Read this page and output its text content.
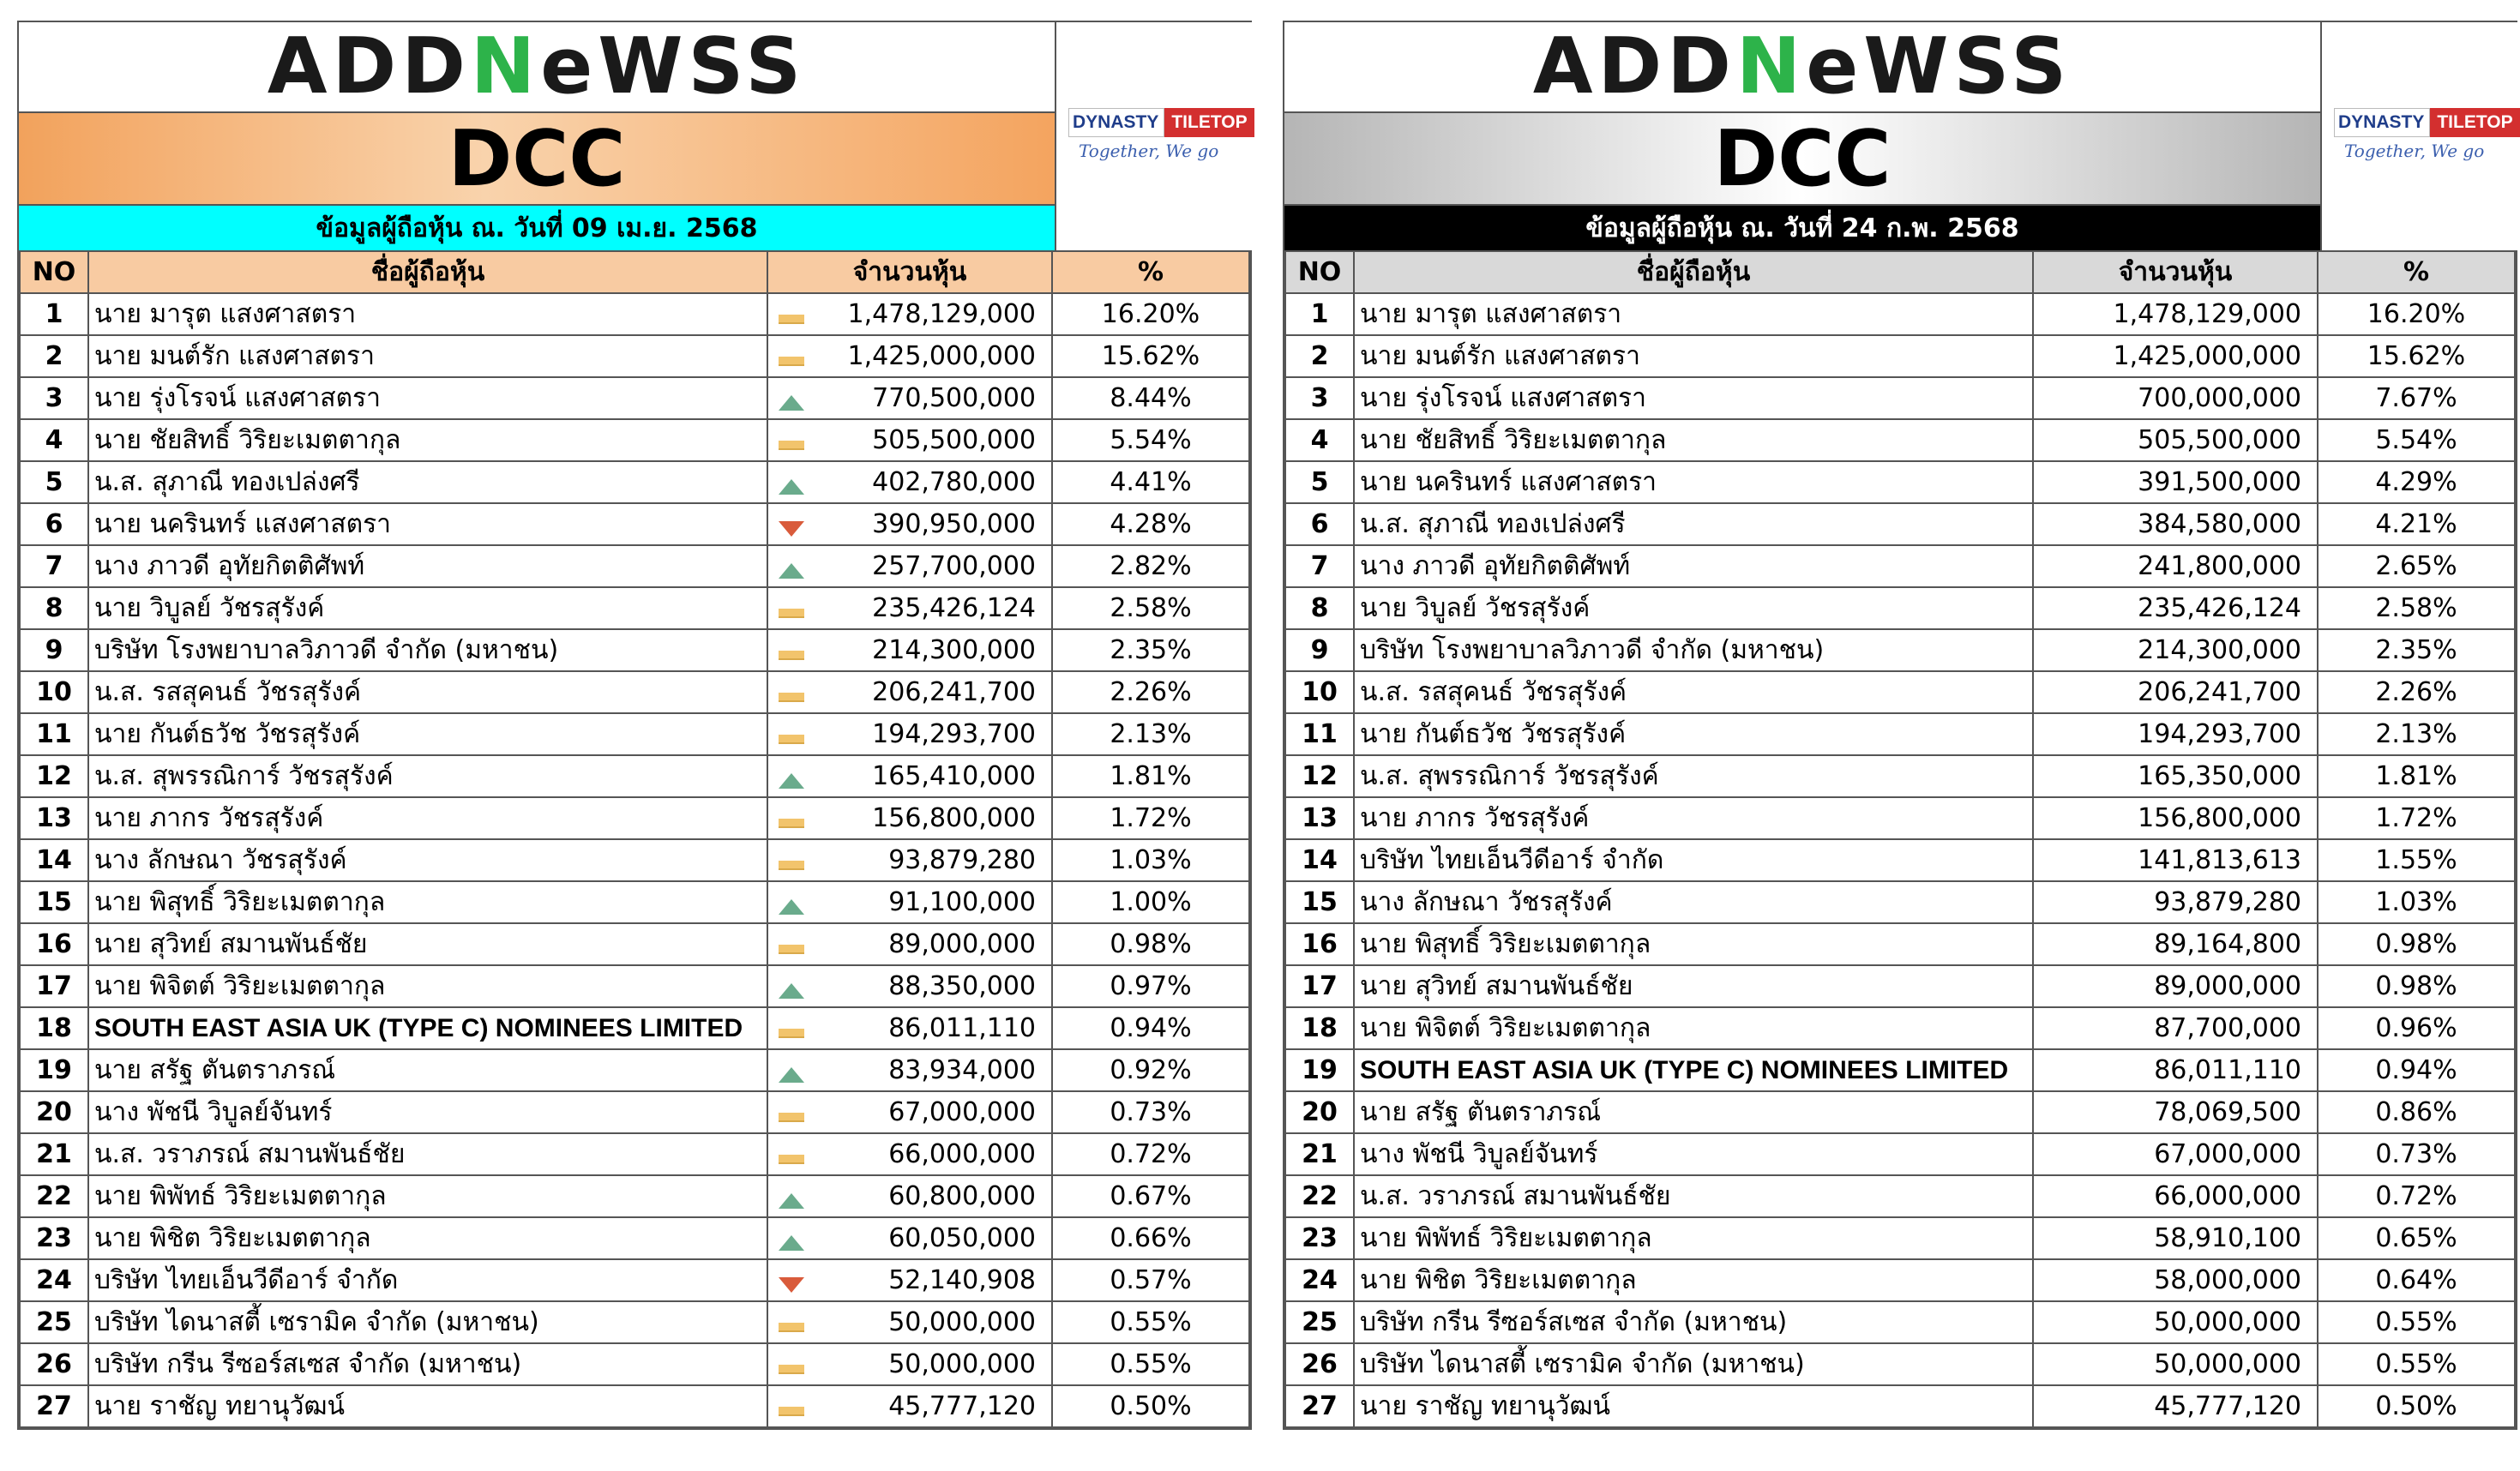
ADDNeWSS
DCC
ข้อมูลผู้ถือหุ้น ณ. วันที่ 09 เม.ย. 2568
DYNASTY TILETOP
Together, We go
NO	ชื่อผู้ถือหุ้น	จำนวนหุ้น	%
1	นาย มารุต แสงศาสตรา	1,478,129,000	16.20%
2	นาย มนต์รัก แสงศาสตรา	1,425,000,000	15.62%
3	นาย รุ่งโรจน์ แสงศาสตรา	770,500,000	8.44%
4	นาย ชัยสิทธิ์ วิริยะเมตตากุล	505,500,000	5.54%
5	น.ส. สุภาณี ทองเปล่งศรี	402,780,000	4.41%
6	นาย นครินทร์ แสงศาสตรา	390,950,000	4.28%
7	นาง ภาวดี อุทัยกิตติศัพท์	257,700,000	2.82%
8	นาย วิบูลย์ วัชรสุรังค์	235,426,124	2.58%
9	บริษัท โรงพยาบาลวิภาวดี จำกัด (มหาชน)	214,300,000	2.35%
10	น.ส. รสสุคนธ์ วัชรสุรังค์	206,241,700	2.26%
11	นาย กันต์ธวัช วัชรสุรังค์	194,293,700	2.13%
12	น.ส. สุพรรณิการ์ วัชรสุรังค์	165,410,000	1.81%
13	นาย ภากร วัชรสุรังค์	156,800,000	1.72%
14	นาง ลักษณา วัชรสุรังค์	93,879,280	1.03%
15	นาย พิสุทธิ์ วิริยะเมตตากุล	91,100,000	1.00%
16	นาย สุวิทย์ สมานพันธ์ชัย	89,000,000	0.98%
17	นาย พิจิตต์ วิริยะเมตตากุล	88,350,000	0.97%
18	SOUTH EAST ASIA UK (TYPE C) NOMINEES LIMITED	86,011,110	0.94%
19	นาย สรัฐ ตันตราภรณ์	83,934,000	0.92%
20	นาง พัชนี วิบูลย์จันทร์	67,000,000	0.73%
21	น.ส. วราภรณ์ สมานพันธ์ชัย	66,000,000	0.72%
22	นาย พิพัทธ์ วิริยะเมตตากุล	60,800,000	0.67%
23	นาย พิชิต วิริยะเมตตากุล	60,050,000	0.66%
24	บริษัท ไทยเอ็นวีดีอาร์ จำกัด	52,140,908	0.57%
25	บริษัท ไดนาสตี้ เซรามิค จำกัด (มหาชน)	50,000,000	0.55%
26	บริษัท กรีน รีซอร์สเซส จำกัด (มหาชน)	50,000,000	0.55%
27	นาย ราชัญ ทยานุวัฒน์	45,777,120	0.50%
ADDNeWSS
DCC
ข้อมูลผู้ถือหุ้น ณ. วันที่ 24 ก.พ. 2568
DYNASTY TILETOP
Together, We go
NO	ชื่อผู้ถือหุ้น	จำนวนหุ้น	%
1	นาย มารุต แสงศาสตรา	1,478,129,000	16.20%
2	นาย มนต์รัก แสงศาสตรา	1,425,000,000	15.62%
3	นาย รุ่งโรจน์ แสงศาสตรา	700,000,000	7.67%
4	นาย ชัยสิทธิ์ วิริยะเมตตากุล	505,500,000	5.54%
5	นาย นครินทร์ แสงศาสตรา	391,500,000	4.29%
6	น.ส. สุภาณี ทองเปล่งศรี	384,580,000	4.21%
7	นาง ภาวดี อุทัยกิตติศัพท์	241,800,000	2.65%
8	นาย วิบูลย์ วัชรสุรังค์	235,426,124	2.58%
9	บริษัท โรงพยาบาลวิภาวดี จำกัด (มหาชน)	214,300,000	2.35%
10	น.ส. รสสุคนธ์ วัชรสุรังค์	206,241,700	2.26%
11	นาย กันต์ธวัช วัชรสุรังค์	194,293,700	2.13%
12	น.ส. สุพรรณิการ์ วัชรสุรังค์	165,350,000	1.81%
13	นาย ภากร วัชรสุรังค์	156,800,000	1.72%
14	บริษัท ไทยเอ็นวีดีอาร์ จำกัด	141,813,613	1.55%
15	นาง ลักษณา วัชรสุรังค์	93,879,280	1.03%
16	นาย พิสุทธิ์ วิริยะเมตตากุล	89,164,800	0.98%
17	นาย สุวิทย์ สมานพันธ์ชัย	89,000,000	0.98%
18	นาย พิจิตต์ วิริยะเมตตากุล	87,700,000	0.96%
19	SOUTH EAST ASIA UK (TYPE C) NOMINEES LIMITED	86,011,110	0.94%
20	นาย สรัฐ ตันตราภรณ์	78,069,500	0.86%
21	นาง พัชนี วิบูลย์จันทร์	67,000,000	0.73%
22	น.ส. วราภรณ์ สมานพันธ์ชัย	66,000,000	0.72%
23	นาย พิพัทธ์ วิริยะเมตตากุล	58,910,100	0.65%
24	นาย พิชิต วิริยะเมตตากุล	58,000,000	0.64%
25	บริษัท กรีน รีซอร์สเซส จำกัด (มหาชน)	50,000,000	0.55%
26	บริษัท ไดนาสตี้ เซรามิค จำกัด (มหาชน)	50,000,000	0.55%
27	นาย ราชัญ ทยานุวัฒน์	45,777,120	0.50%
